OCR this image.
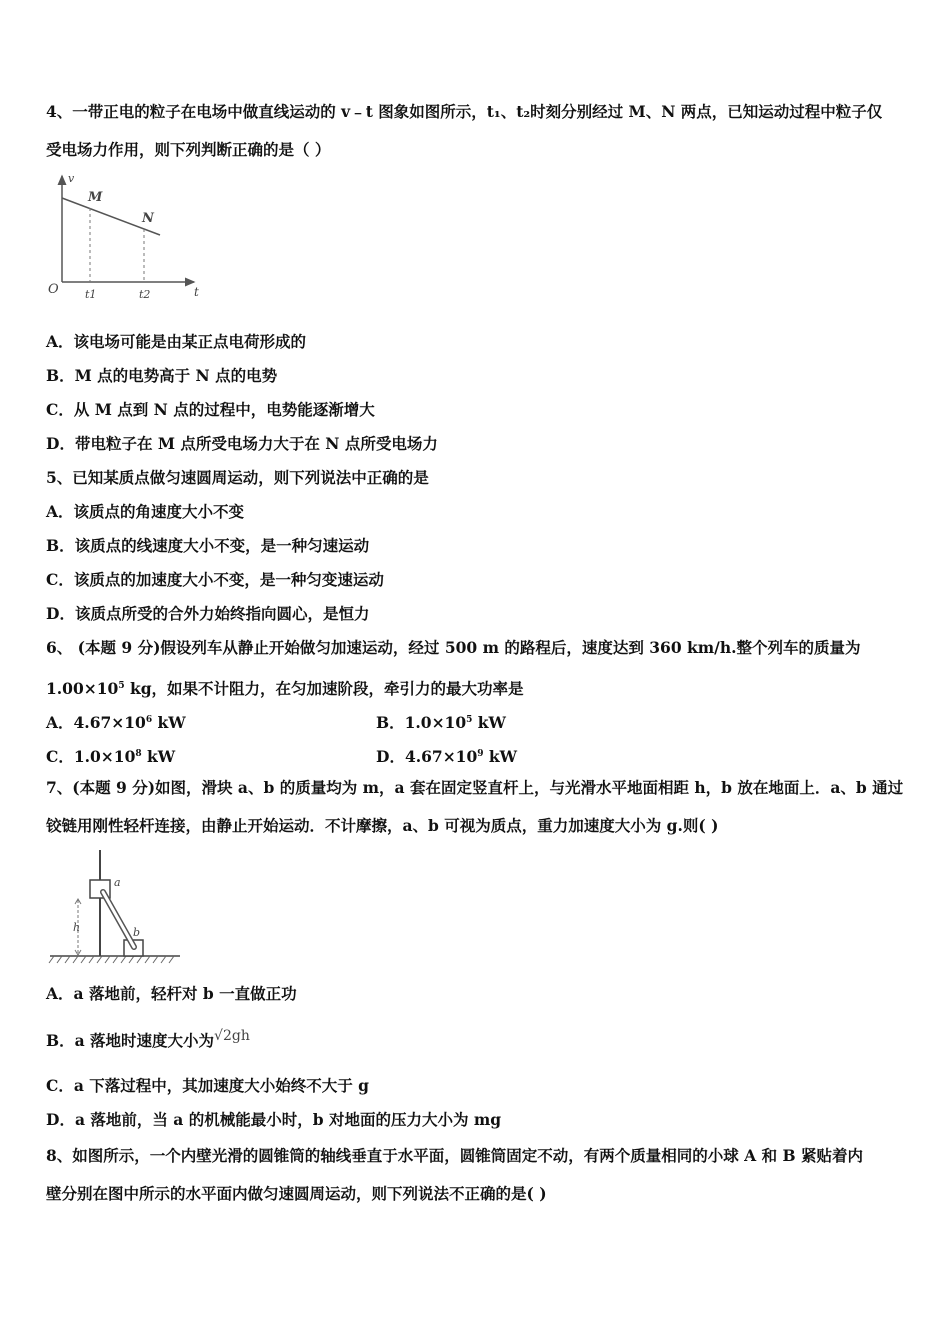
4、一带正电的粒子在电场中做直线运动的 v﹣t 图象如图所示，t₁、t₂时刻分别经过 M、N 两点，已知运动过程中粒子仅
受电场力作用，则下列判断正确的是（ ）
v
M
N
O t1	t2	t
A．该电场可能是由某正点电荷形成的
B．M 点的电势高于 N 点的电势
C．从 M 点到 N 点的过程中，电势能逐渐增大
D．带电粒子在 M 点所受电场力大于在 N 点所受电场力
5、已知某质点做匀速圆周运动，则下列说法中正确的是
A．该质点的角速度大小不变
B．该质点的线速度大小不变，是一种匀速运动
C．该质点的加速度大小不变，是一种匀变速运动
D．该质点所受的合外力始终指向圆心，是恒力
6、 (本题 9 分)假设列车从静止开始做匀加速运动，经过 500 m 的路程后，速度达到 360 km/h.整个列车的质量为
$1.00\times 10^5$ kg，如果不计阻力，在匀加速阶段，牵引力的最大功率是
A．$4.67\times 10^6$ kW	B．$1.0\times 10^5$ kW
C．$1.0\times 10^8$ kW	D．$4.67\times 10^9$ kW
7、(本题 9 分)如图，滑块 a、b 的质量均为 m，a 套在固定竖直杆上，与光滑水平地面相距 h，b 放在地面上．a、b 通过
铰链用刚性轻杆连接，由静止开始运动．不计摩擦，a、b 可视为质点，重力加速度大小为 g.则( )
h
a
b
A．a 落地前，轻杆对 b 一直做正功
B．a 落地时速度大小为√2gh
C．a 下落过程中，其加速度大小始终不大于 g
D．a 落地前，当 a 的机械能最小时，b 对地面的压力大小为 mg
8、如图所示，一个内壁光滑的圆锥筒的轴线垂直于水平面，圆锥筒固定不动，有两个质量相同的小球 A 和 B 紧贴着内
壁分别在图中所示的水平面内做匀速圆周运动，则下列说法不正确的是( )
